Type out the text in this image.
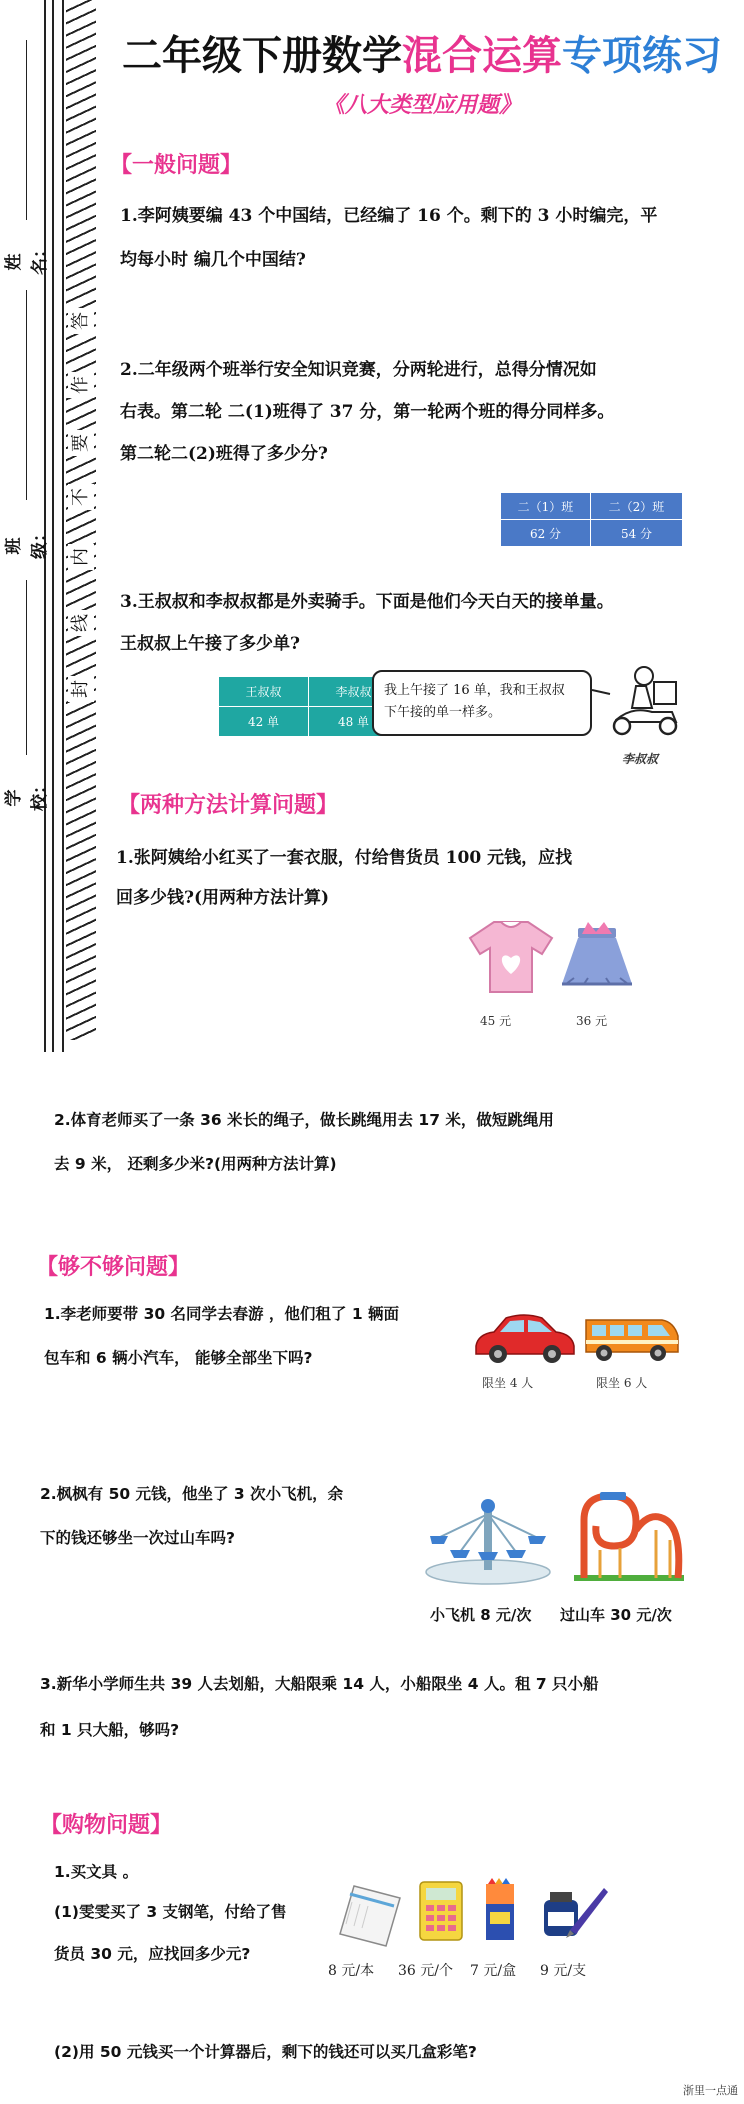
答
作
要
不
内
线
封
姓名：
班级：
学校：
二年级下册数学混合运算专项练习
《八大类型应用题》
【一般问题】
1.李阿姨要编 43 个中国结，已经编了 16 个。剩下的 3 小时编完，平
均每小时 编几个中国结?
2.二年级两个班举行安全知识竞赛，分两轮进行，总得分情况如
右表。第二轮 二(1)班得了 37 分，第一轮两个班的得分同样多。
第二轮二(2)班得了多少分?
二（1）班	二（2）班
62 分	54 分
3.王叔叔和李叔叔都是外卖骑手。下面是他们今天白天的接单量。
王叔叔上午接了多少单?
王叔叔	李叔叔
42 单	48 单
我上午接了 16 单，我和王叔叔
下午接的单一样多。
李叔叔
【两种方法计算问题】
1.张阿姨给小红买了一套衣服，付给售货员 100 元钱，应找
回多少钱?(用两种方法计算)
45 元	36 元
2.体育老师买了一条 36 米长的绳子，做长跳绳用去 17 米，做短跳绳用
去 9 米， 还剩多少米?(用两种方法计算)
【够不够问题】
1.李老师要带 30 名同学去春游 ，他们租了 1 辆面
包车和 6 辆小汽车， 能够全部坐下吗?
限坐 4 人	限坐 6 人
2.枫枫有 50 元钱，他坐了 3 次小飞机，余
下的钱还够坐一次过山车吗?
小飞机 8 元/次 过山车 30 元/次
3.新华小学师生共 39 人去划船，大船限乘 14 人，小船限坐 4 人。租 7 只小船
和 1 只大船，够吗?
【购物问题】
1.买文具 。
(1)雯雯买了 3 支钢笔，付给了售
货员 30 元，应找回多少元?
8 元/本 36 元/个 7 元/盒 9 元/支
(2)用 50 元钱买一个计算器后，剩下的钱还可以买几盒彩笔?
浙里一点通
